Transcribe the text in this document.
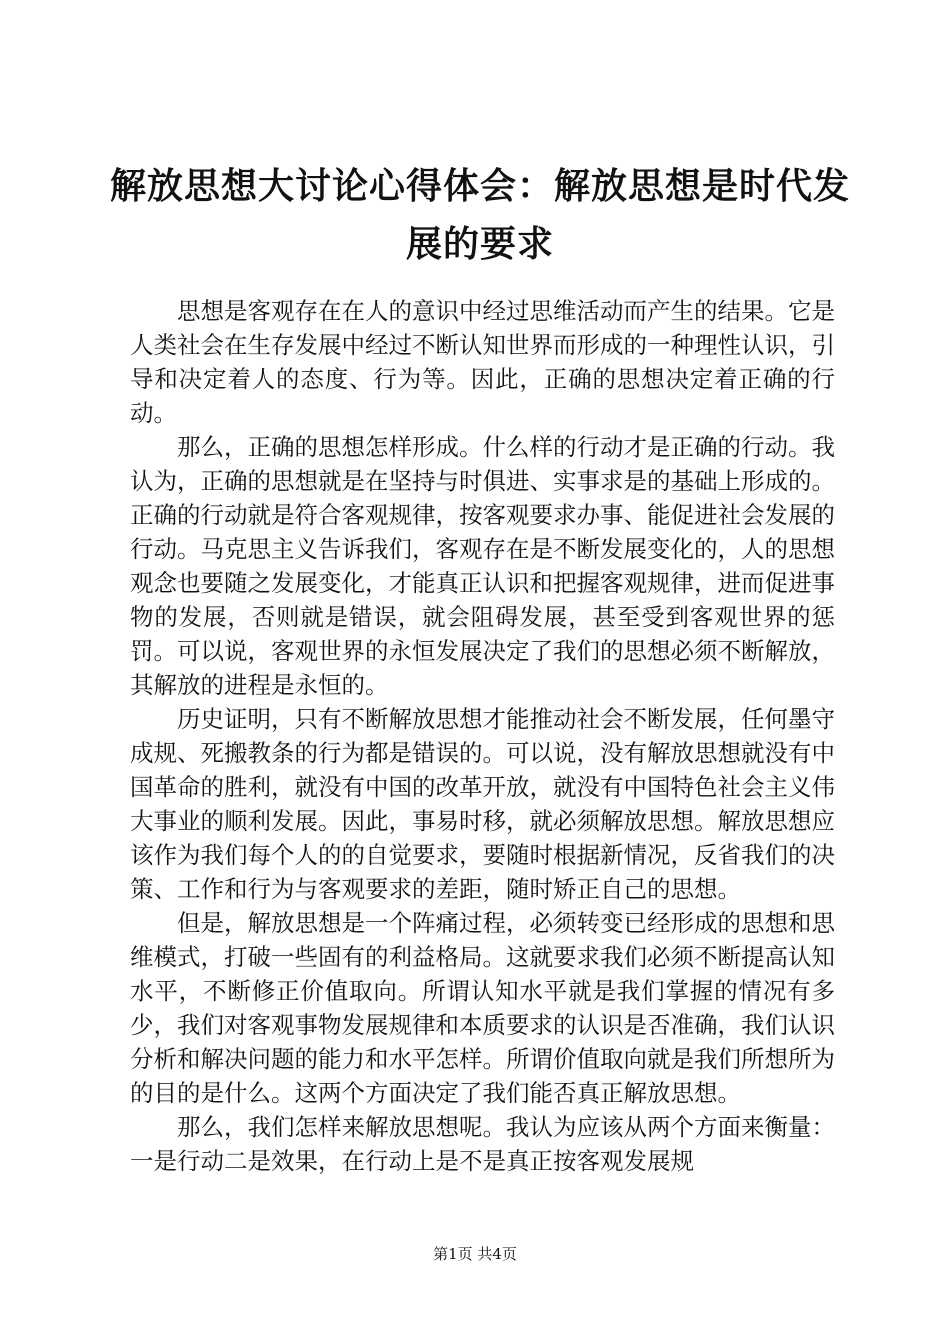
解放思想大讨论心得体会：解放思想是时代发展的要求

思想是客观存在在人的意识中经过思维活动而产生的结果。它是人类社会在生存发展中经过不断认知世界而形成的一种理性认识，引导和决定着人的态度、行为等。因此，正确的思想决定着正确的行动。

那么，正确的思想怎样形成。什么样的行动才是正确的行动。我认为，正确的思想就是在坚持与时俱进、实事求是的基础上形成的。正确的行动就是符合客观规律，按客观要求办事、能促进社会发展的行动。马克思主义告诉我们，客观存在是不断发展变化的，人的思想观念也要随之发展变化，才能真正认识和把握客观规律，进而促进事物的发展，否则就是错误，就会阻碍发展，甚至受到客观世界的惩罚。可以说，客观世界的永恒发展决定了我们的思想必须不断解放，其解放的进程是永恒的。

历史证明，只有不断解放思想才能推动社会不断发展，任何墨守成规、死搬教条的行为都是错误的。可以说，没有解放思想就没有中国革命的胜利，就没有中国的改革开放，就没有中国特色社会主义伟大事业的顺利发展。因此，事易时移，就必须解放思想。解放思想应该作为我们每个人的的自觉要求，要随时根据新情况，反省我们的决策、工作和行为与客观要求的差距，随时矫正自己的思想。

但是，解放思想是一个阵痛过程，必须转变已经形成的思想和思维模式，打破一些固有的利益格局。这就要求我们必须不断提高认知水平，不断修正价值取向。所谓认知水平就是我们掌握的情况有多少，我们对客观事物发展规律和本质要求的认识是否准确，我们认识分析和解决问题的能力和水平怎样。所谓价值取向就是我们所想所为的目的是什么。这两个方面决定了我们能否真正解放思想。

那么，我们怎样来解放思想呢。我认为应该从两个方面来衡量：一是行动二是效果，在行动上是不是真正按客观发展规

第1页 共4页
